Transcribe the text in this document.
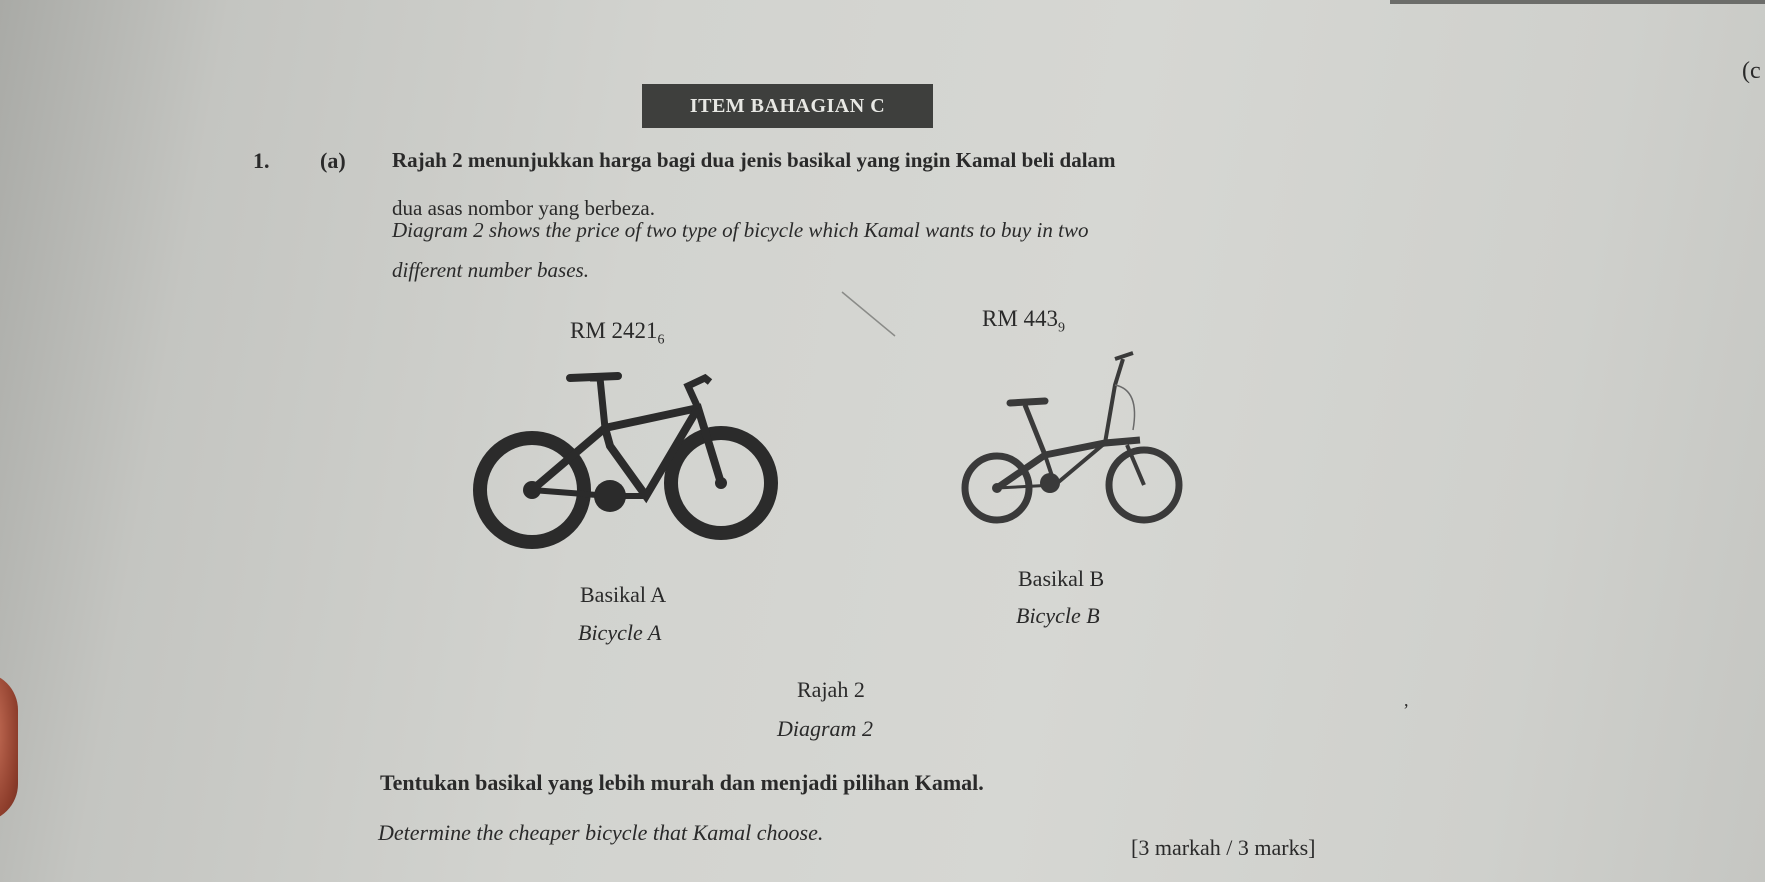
(c
ITEM BAHAGIAN C
1. (a) Rajah 2 menunjukkan harga bagi dua jenis basikal yang ingin Kamal beli dalam
dua asas nombor yang berbeza.
Diagram 2 shows the price of two type of bicycle which Kamal wants to buy in two
different number bases.
RM $2421_6$
RM $443_9$
Basikal A
Bicycle A
Basikal B
Bicycle B
Rajah 2
Diagram 2
,
Tentukan basikal yang lebih murah dan menjadi pilihan Kamal.
Determine the cheaper bicycle that Kamal choose.
[3 markah / 3 marks]
